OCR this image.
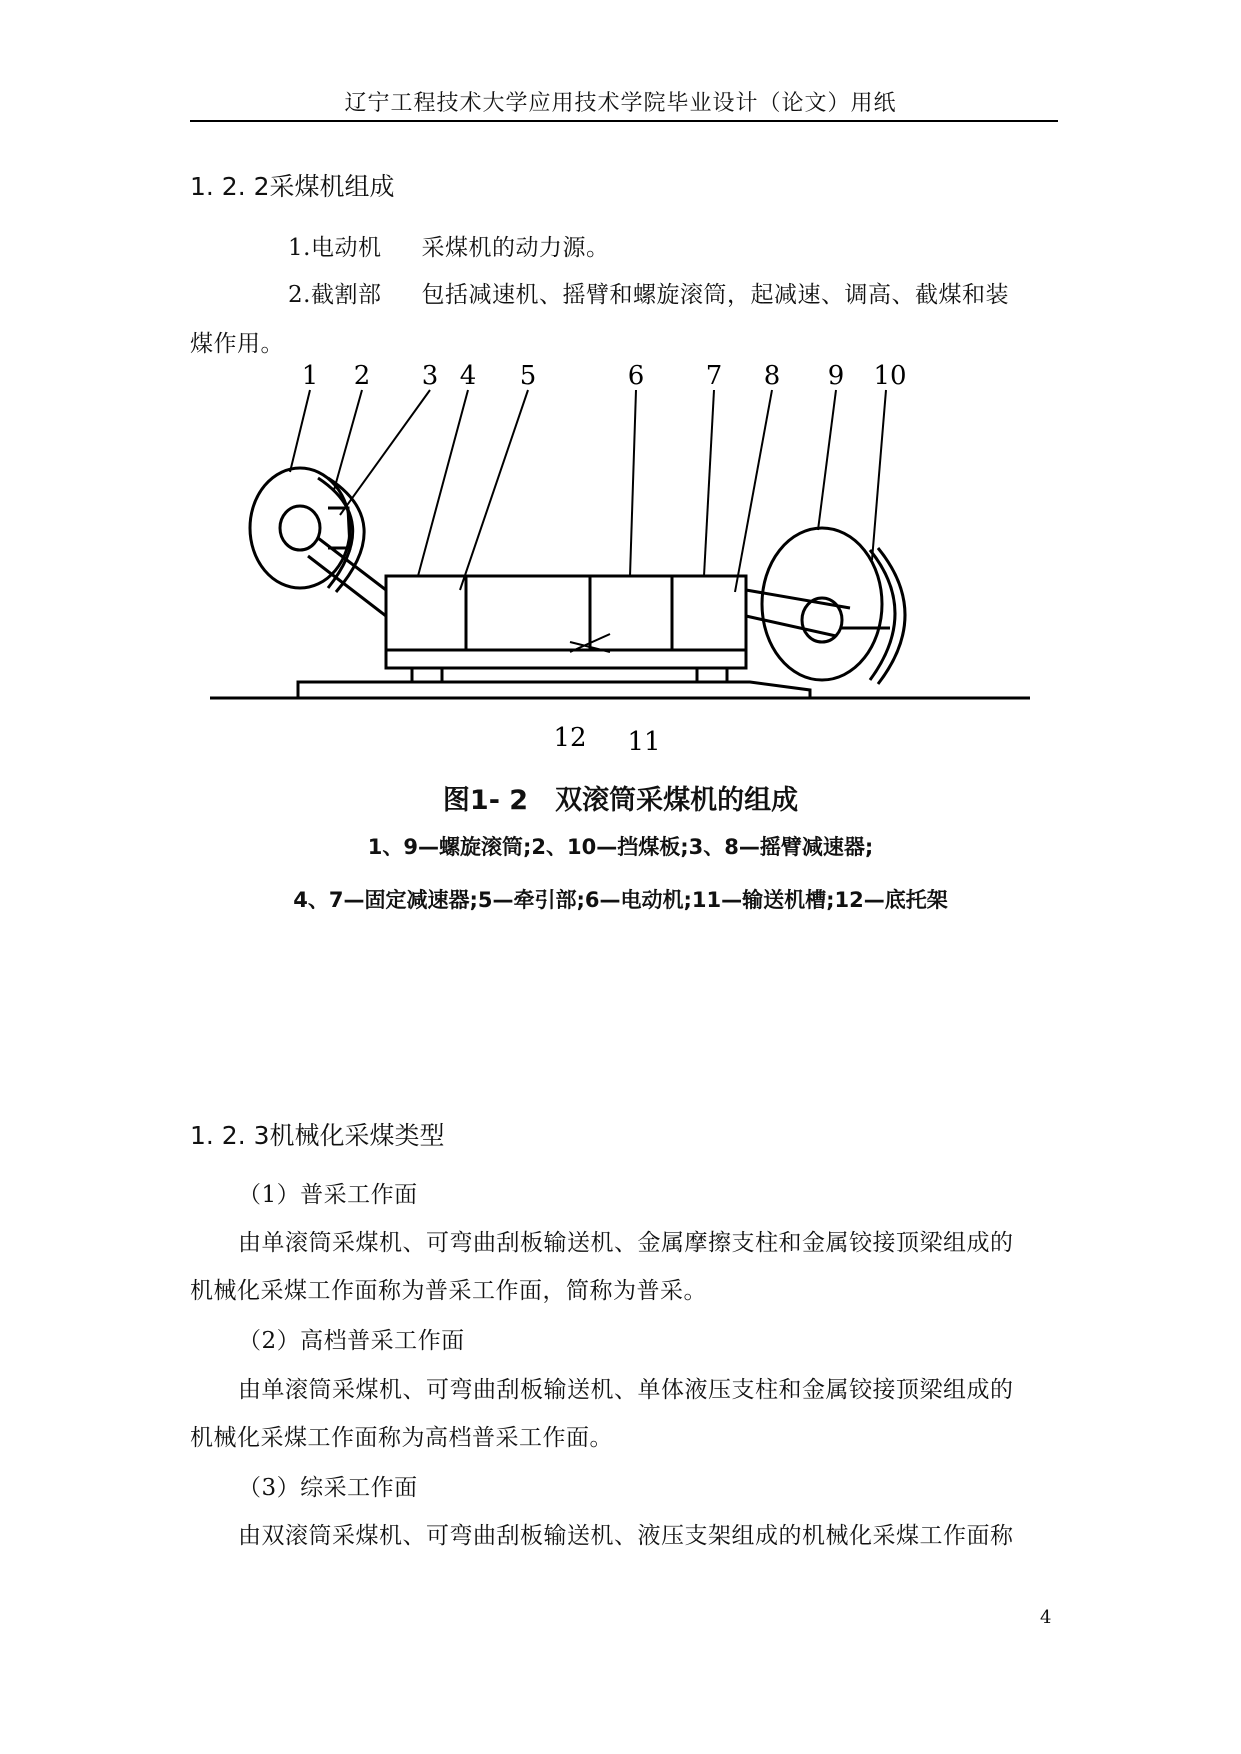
辽宁工程技术大学应用技术学院毕业设计（论文）用纸
1. 2. 2采煤机组成
1.电动机 采煤机的动力源。
2.截割部 包括减速机、摇臂和螺旋滚筒，起减速、调高、截煤和装
煤作用。
1 2 3 4 5	6 7 8 9 10
11
12
图1- 2　双滚筒采煤机的组成
1、9—螺旋滚筒;2、10—挡煤板;3、8—摇臂减速器;
4、7—固定减速器;5—牵引部;6—电动机;11—输送机槽;12—底托架
1. 2. 3机械化采煤类型
（1）普采工作面
由单滚筒采煤机、可弯曲刮板输送机、金属摩擦支柱和金属铰接顶梁组成的
机械化采煤工作面称为普采工作面，简称为普采。
（2）高档普采工作面
由单滚筒采煤机、可弯曲刮板输送机、单体液压支柱和金属铰接顶梁组成的
机械化采煤工作面称为高档普采工作面。
（3）综采工作面
由双滚筒采煤机、可弯曲刮板输送机、液压支架组成的机械化采煤工作面称
4
